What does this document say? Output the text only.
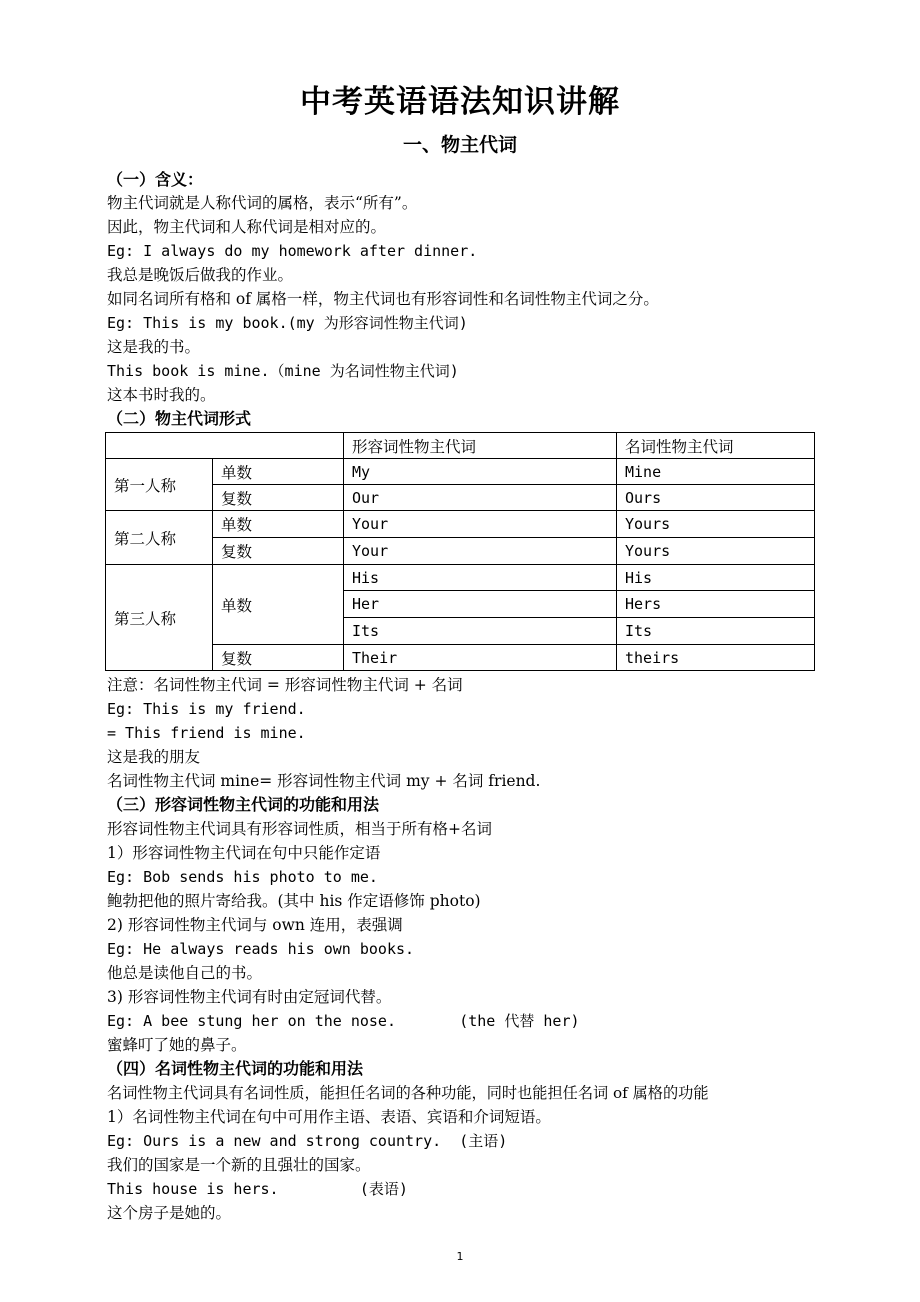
中考英语语法知识讲解
一、物主代词
（一）含义：
物主代词就是人称代词的属格，表示“所有”。
因此，物主代词和人称代词是相对应的。
Eg: I always do my homework after dinner.
我总是晚饭后做我的作业。
如同名词所有格和 of 属格一样，物主代词也有形容词性和名词性物主代词之分。
Eg: This is my book.(my 为形容词性物主代词)
这是我的书。
This book is mine.（mine 为名词性物主代词)
这本书时我的。
（二）物主代词形式
		形容词性物主代词	名词性物主代词
第一人称	单数	My	Mine
	复数	Our	Ours
第二人称	单数	Your	Yours
	复数	Your	Yours
第三人称	单数	His	His
		Her	Hers
		Its	Its
	复数	Their	theirs
注意：名词性物主代词 = 形容词性物主代词 + 名词
Eg: This is my friend.
= This friend is mine.
这是我的朋友
名词性物主代词 mine= 形容词性物主代词 my + 名词 friend.
（三）形容词性物主代词的功能和用法
形容词性物主代词具有形容词性质，相当于所有格+名词
1）形容词性物主代词在句中只能作定语
Eg: Bob sends his photo to me.
鲍勃把他的照片寄给我。(其中 his 作定语修饰 photo)
2) 形容词性物主代词与 own 连用，表强调
Eg: He always reads his own books.
他总是读他自己的书。
3) 形容词性物主代词有时由定冠词代替。
Eg: A bee stung her on the nose.       (the 代替 her)
蜜蜂叮了她的鼻子。
（四）名词性物主代词的功能和用法
名词性物主代词具有名词性质，能担任名词的各种功能，同时也能担任名词 of 属格的功能
1）名词性物主代词在句中可用作主语、表语、宾语和介词短语。
Eg: Ours is a new and strong country.  (主语)
我们的国家是一个新的且强壮的国家。
This house is hers.         (表语)
这个房子是她的。
1
